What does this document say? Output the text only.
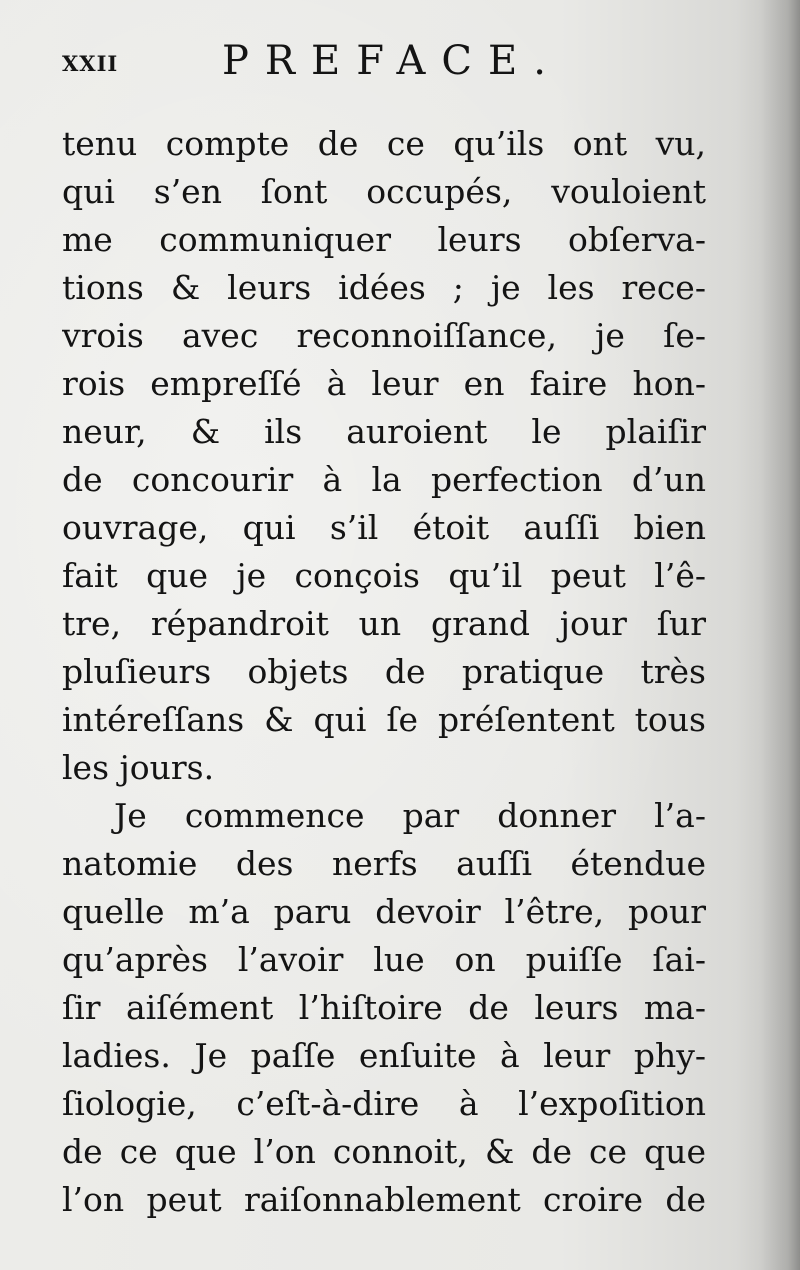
xxii	PREFACE.
tenu compte de ce qu’ils ont vu,
qui s’en ſont occupés, vouloient
me communiquer leurs obſerva-
tions & leurs idées ; je les rece-
vrois avec reconnoiſſance, je ſe-
rois empreſſé à leur en faire hon-
neur, & ils auroient le plaiſir
de concourir à la perfection d’un
ouvrage, qui s’il étoit auſſi bien
fait que je conçois qu’il peut l’ê-
tre, répandroit un grand jour ſur
pluſieurs objets de pratique très
intéreſſans & qui ſe préſentent tous
les jours.
Je commence par donner l’a-
natomie des nerfs auſſi étendue
quelle m’a paru devoir l’être, pour
qu’après l’avoir lue on puiſſe ſai-
ſir aiſément l’hiſtoire de leurs ma-
ladies. Je paſſe enſuite à leur phy-
ſiologie, c’eſt-à-dire à l’expoſition
de ce que l’on connoit, & de ce que
l’on peut raiſonnablement croire de
